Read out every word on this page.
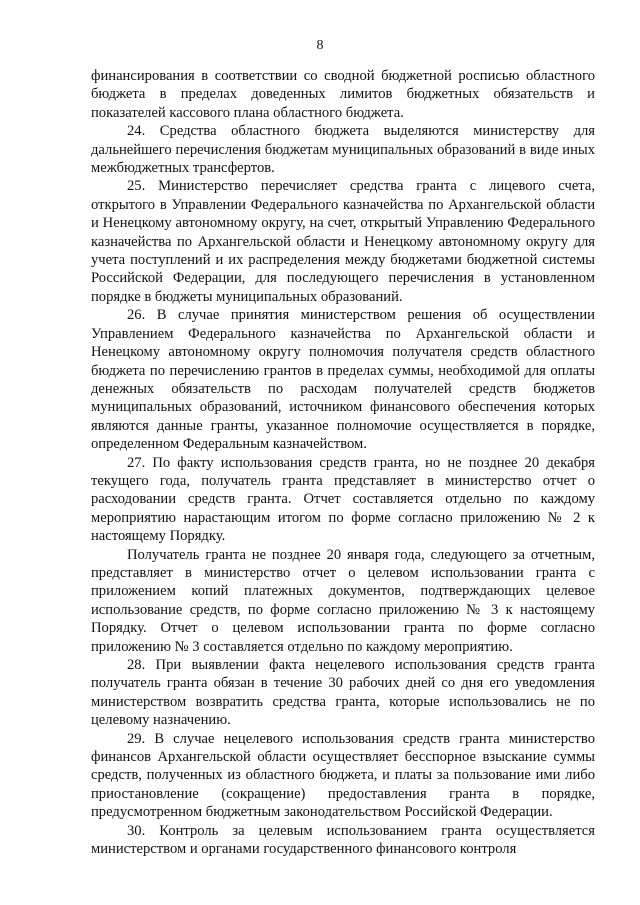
8

финансирования в соответствии со сводной бюджетной росписью областного бюджета в пределах доведенных лимитов бюджетных обязательств и показателей кассового плана областного бюджета.

24. Средства областного бюджета выделяются министерству для дальнейшего перечисления бюджетам муниципальных образований в виде иных межбюджетных трансфертов.

25. Министерство перечисляет средства гранта с лицевого счета, открытого в Управлении Федерального казначейства по Архангельской области и Ненецкому автономному округу, на счет, открытый Управлению Федерального казначейства по Архангельской области и Ненецкому автономному округу для учета поступлений и их распределения между бюджетами бюджетной системы Российской Федерации, для последующего перечисления в установленном порядке в бюджеты муниципальных образований.

26. В случае принятия министерством решения об осуществлении Управлением Федерального казначейства по Архангельской области и Ненецкому автономному округу полномочия получателя средств областного бюджета по перечислению грантов в пределах суммы, необходимой для оплаты денежных обязательств по расходам получателей средств бюджетов муниципальных образований, источником финансового обеспечения которых являются данные гранты, указанное полномочие осуществляется в порядке, определенном Федеральным казначейством.

27. По факту использования средств гранта, но не позднее 20 декабря текущего года, получатель гранта представляет в министерство отчет о расходовании средств гранта. Отчет составляется отдельно по каждому мероприятию нарастающим итогом по форме согласно приложению № 2 к настоящему Порядку.

Получатель гранта не позднее 20 января года, следующего за отчетным, представляет в министерство отчет о целевом использовании гранта с приложением копий платежных документов, подтверждающих целевое использование средств, по форме согласно приложению № 3 к настоящему Порядку. Отчет о целевом использовании гранта по форме согласно приложению № 3 составляется отдельно по каждому мероприятию.

28. При выявлении факта нецелевого использования средств гранта получатель гранта обязан в течение 30 рабочих дней со дня его уведомления министерством возвратить средства гранта, которые использовались не по целевому назначению.

29. В случае нецелевого использования средств гранта министерство финансов Архангельской области осуществляет бесспорное взыскание суммы средств, полученных из областного бюджета, и платы за пользование ими либо приостановление (сокращение) предоставления гранта в порядке, предусмотренном бюджетным законодательством Российской Федерации.

30. Контроль за целевым использованием гранта осуществляется министерством и органами государственного финансового контроля
